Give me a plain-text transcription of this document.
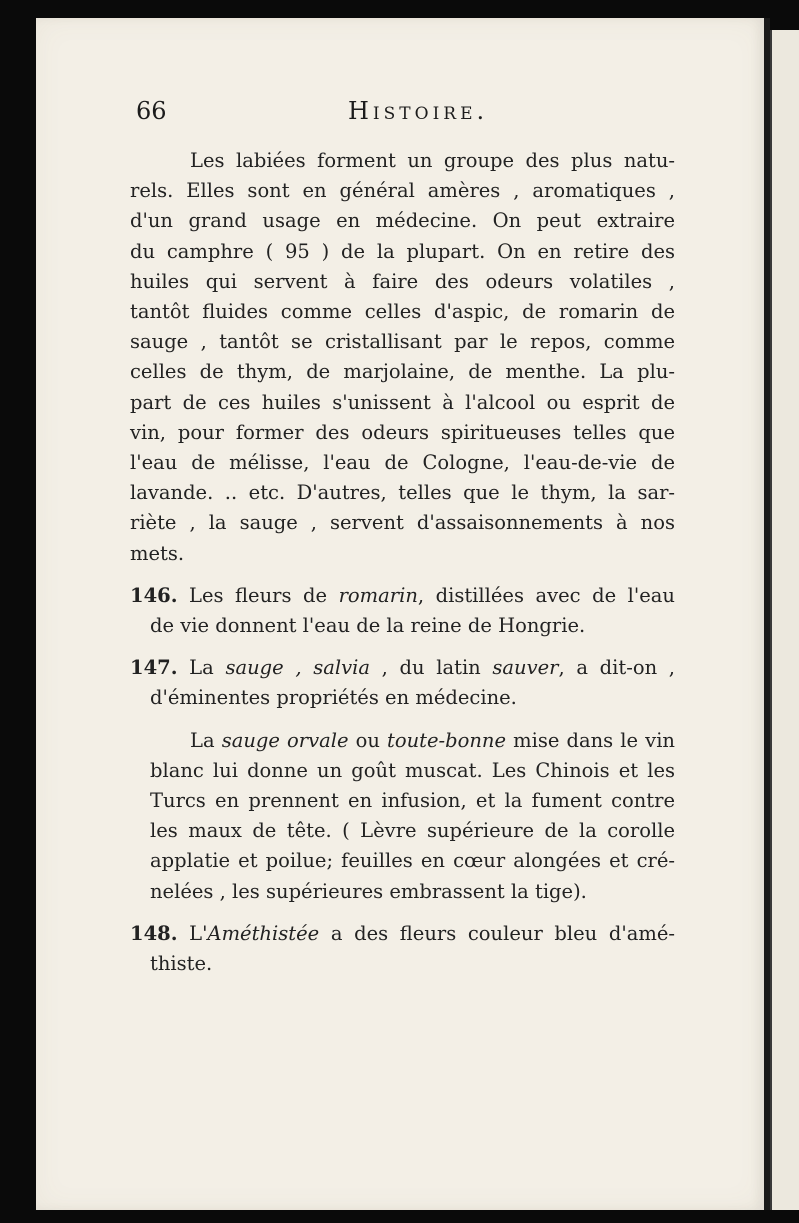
66	Histoire.
Les labiées forment un groupe des plus natu-
rels. Elles sont en général amères , aromatiques ,
d'un grand usage en médecine. On peut extraire
du camphre ( 95 ) de la plupart. On en retire des
huiles qui servent à faire des odeurs volatiles ,
tantôt fluides comme celles d'aspic, de romarin de
sauge , tantôt se cristallisant par le repos, comme
celles de thym, de marjolaine, de menthe. La plu-
part de ces huiles s'unissent à l'alcool ou esprit de
vin, pour former des odeurs spiritueuses telles que
l'eau de mélisse, l'eau de Cologne, l'eau-de-vie de
lavande. .. etc. D'autres, telles que le thym, la sar-
riète , la sauge , servent d'assaisonnements à nos
mets.
146. Les fleurs de romarin, distillées avec de l'eau
de vie donnent l'eau de la reine de Hongrie.
147. La sauge , salvia , du latin sauver, a dit-on ,
d'éminentes propriétés en médecine.
La sauge orvale ou toute-bonne mise dans le vin
blanc lui donne un goût muscat. Les Chinois et les
Turcs en prennent en infusion, et la fument contre
les maux de tête. ( Lèvre supérieure de la corolle
applatie et poilue; feuilles en cœur alongées et cré-
nelées , les supérieures embrassent la tige).
148. L'Améthistée a des fleurs couleur bleu d'amé-
thiste.
